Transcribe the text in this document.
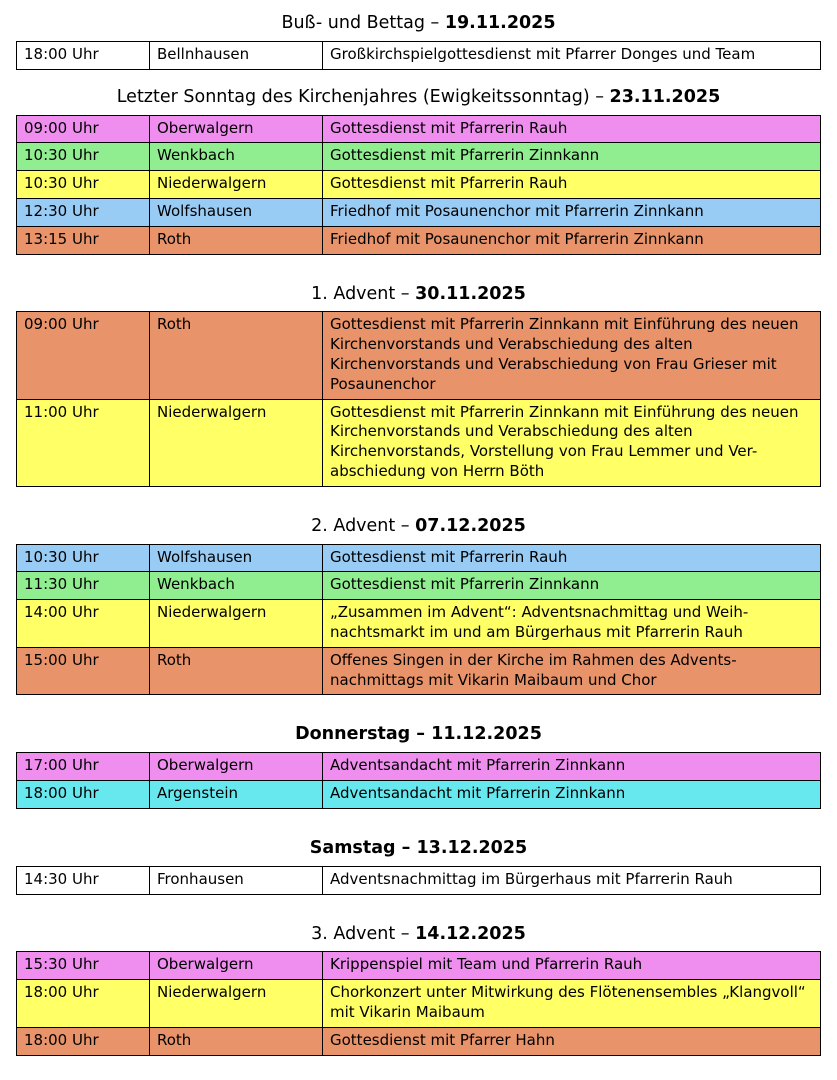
Buß- und Bettag – 19.11.2025
18:00 Uhr	Bellnhausen	Großkirchspielgottesdienst mit Pfarrer Donges und Team
Letzter Sonntag des Kirchenjahres (Ewigkeitssonntag) – 23.11.2025
09:00 Uhr	Oberwalgern	Gottesdienst mit Pfarrerin Rauh
10:30 Uhr	Wenkbach	Gottesdienst mit Pfarrerin Zinnkann
10:30 Uhr	Niederwalgern	Gottesdienst mit Pfarrerin Rauh
12:30 Uhr	Wolfshausen	Friedhof mit Posaunenchor mit Pfarrerin Zinnkann
13:15 Uhr	Roth	Friedhof mit Posaunenchor mit Pfarrerin Zinnkann
1. Advent – 30.11.2025
09:00 Uhr	Roth	Gottesdienst mit Pfarrerin Zinnkann mit Einführung des neuen Kirchenvorstands und Verabschiedung des alten Kirchenvorstands und Verabschiedung von Frau Grieser mit Posaunenchor
11:00 Uhr	Niederwalgern	Gottesdienst mit Pfarrerin Zinnkann mit Einführung des neuen Kirchenvorstands und Verabschiedung des alten Kirchenvorstands, Vorstellung von Frau Lemmer und Ver-abschiedung von Herrn Böth
2. Advent – 07.12.2025
10:30 Uhr	Wolfshausen	Gottesdienst mit Pfarrerin Rauh
11:30 Uhr	Wenkbach	Gottesdienst mit Pfarrerin Zinnkann
14:00 Uhr	Niederwalgern	„Zusammen im Advent“: Adventsnachmittag und Weih-nachtsmarkt im und am Bürgerhaus mit Pfarrerin Rauh
15:00 Uhr	Roth	Offenes Singen in der Kirche im Rahmen des Advents-nachmittags mit Vikarin Maibaum und Chor
Donnerstag – 11.12.2025
17:00 Uhr	Oberwalgern	Adventsandacht mit Pfarrerin Zinnkann
18:00 Uhr	Argenstein	Adventsandacht mit Pfarrerin Zinnkann
Samstag – 13.12.2025
14:30 Uhr	Fronhausen	Adventsnachmittag im Bürgerhaus mit Pfarrerin Rauh
3. Advent – 14.12.2025
15:30 Uhr	Oberwalgern	Krippenspiel mit Team und Pfarrerin Rauh
18:00 Uhr	Niederwalgern	Chorkonzert unter Mitwirkung des Flötenensembles „Klangvoll“ mit Vikarin Maibaum
18:00 Uhr	Roth	Gottesdienst mit Pfarrer Hahn
